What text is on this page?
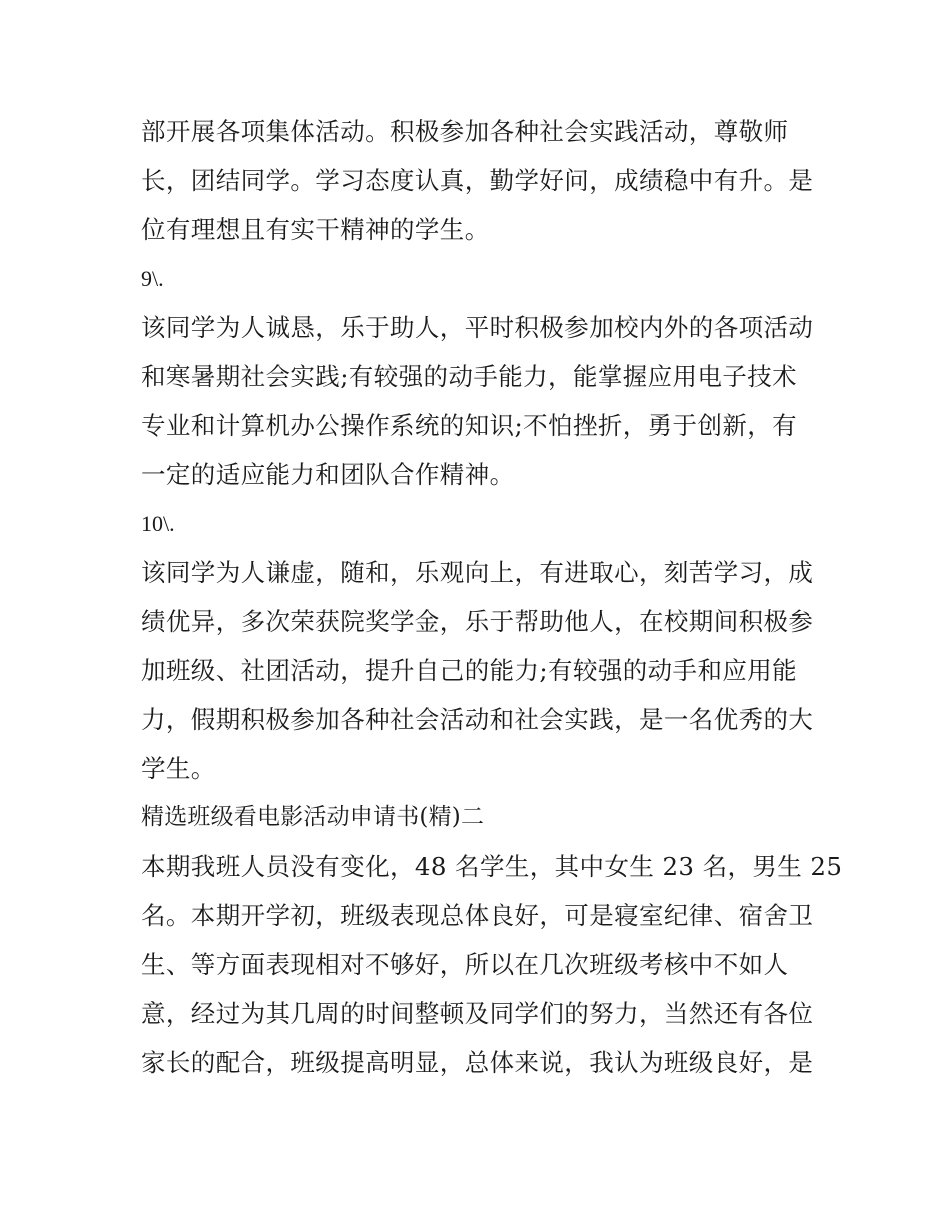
部开展各项集体活动。积极参加各种社会实践活动，尊敬师
长，团结同学。学习态度认真，勤学好问，成绩稳中有升。是
位有理想且有实干精神的学生。
9\.
该同学为人诚恳，乐于助人，平时积极参加校内外的各项活动
和寒暑期社会实践;有较强的动手能力，能掌握应用电子技术
专业和计算机办公操作系统的知识;不怕挫折，勇于创新，有
一定的适应能力和团队合作精神。
10\.
该同学为人谦虚，随和，乐观向上，有进取心，刻苦学习，成
绩优异，多次荣获院奖学金，乐于帮助他人，在校期间积极参
加班级、社团活动，提升自己的能力;有较强的动手和应用能
力，假期积极参加各种社会活动和社会实践，是一名优秀的大
学生。
精选班级看电影活动申请书(精)二
本期我班人员没有变化，48 名学生，其中女生 23 名，男生 25
名。本期开学初，班级表现总体良好，可是寝室纪律、宿舍卫
生、等方面表现相对不够好，所以在几次班级考核中不如人
意，经过为其几周的时间整顿及同学们的努力，当然还有各位
家长的配合，班级提高明显，总体来说，我认为班级良好，是
